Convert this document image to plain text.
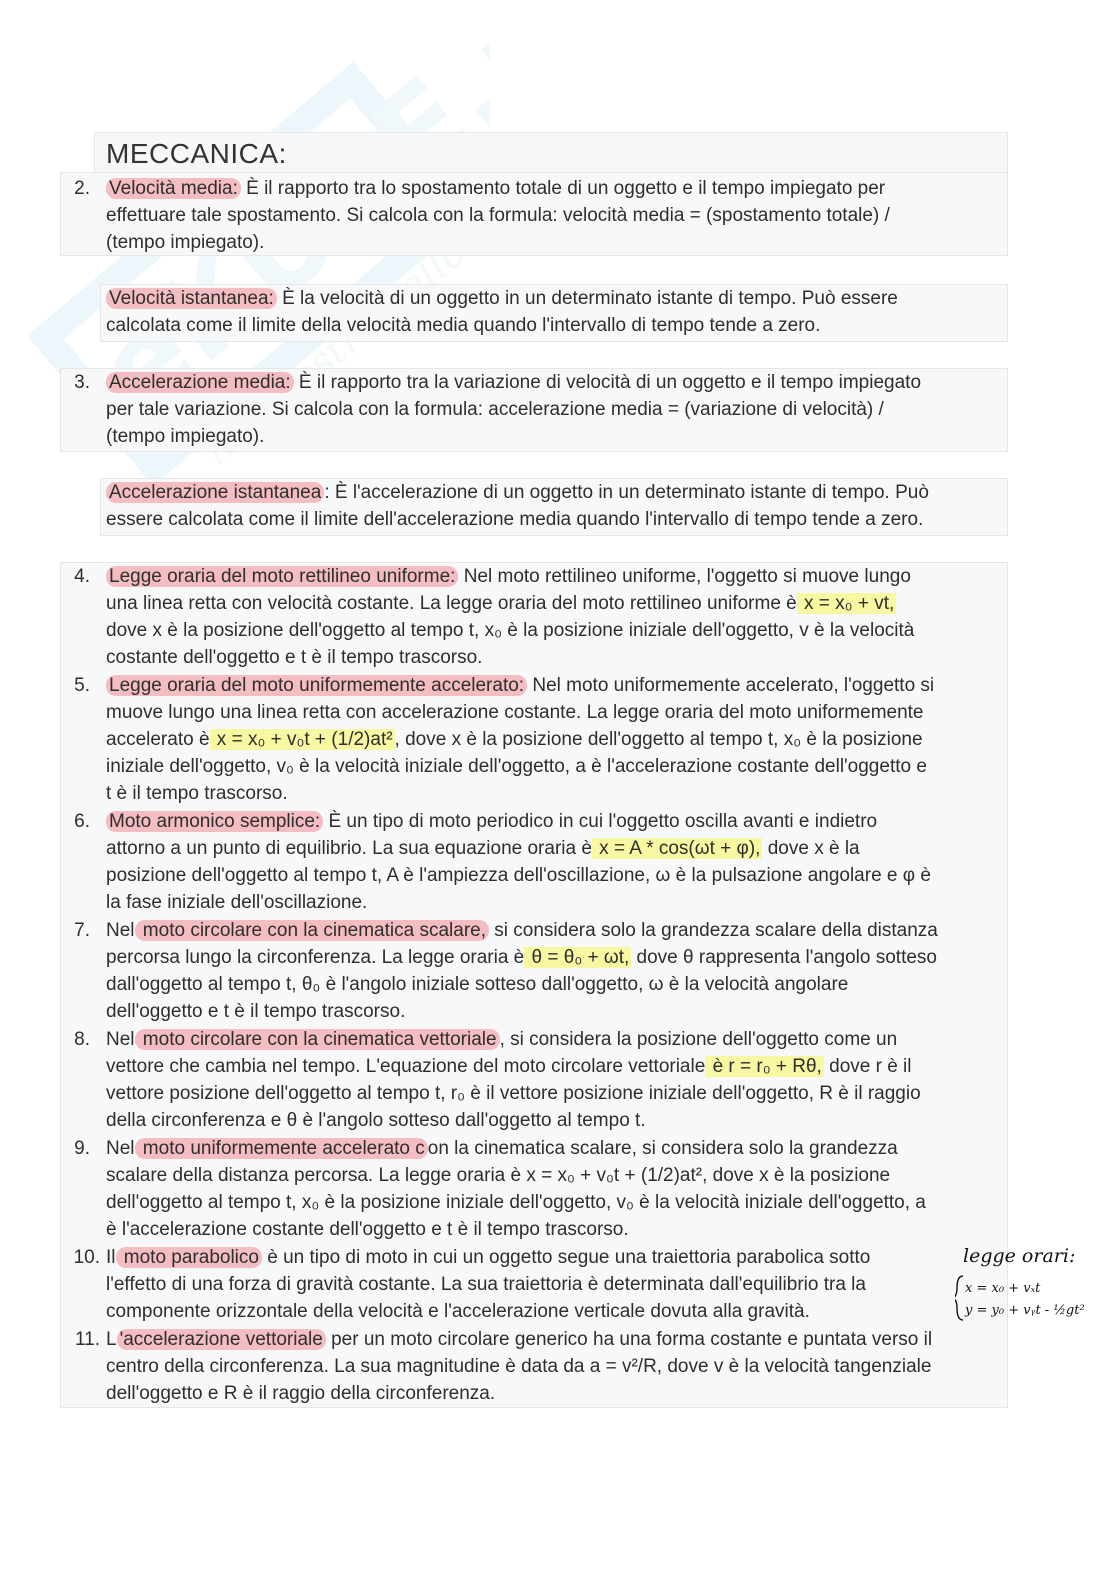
MECCANICA:
2. Velocità media: È il rapporto tra lo spostamento totale di un oggetto e il tempo impiegato per
effettuare tale spostamento. Si calcola con la formula: velocità media = (spostamento totale) /
(tempo impiegato).
Velocità istantanea: È la velocità di un oggetto in un determinato istante di tempo. Può essere
calcolata come il limite della velocità media quando l'intervallo di tempo tende a zero.
3. Accelerazione media: È il rapporto tra la variazione di velocità di un oggetto e il tempo impiegato
per tale variazione. Si calcola con la formula: accelerazione media = (variazione di velocità) /
(tempo impiegato).
Accelerazione istantanea : È l'accelerazione di un oggetto in un determinato istante di tempo. Può
essere calcolata come il limite dell'accelerazione media quando l'intervallo di tempo tende a zero.
4. Legge oraria del moto rettilineo uniforme: Nel moto rettilineo uniforme, l'oggetto si muove lungo
una linea retta con velocità costante. La legge oraria del moto rettilineo uniforme è x = x₀ + vt,
dove x è la posizione dell'oggetto al tempo t, x₀ è la posizione iniziale dell'oggetto, v è la velocità
costante dell'oggetto e t è il tempo trascorso.
5. Legge oraria del moto uniformemente accelerato: Nel moto uniformemente accelerato, l'oggetto si
muove lungo una linea retta con accelerazione costante. La legge oraria del moto uniformemente
accelerato è x = x₀ + v₀t + (1/2)at² , dove x è la posizione dell'oggetto al tempo t, x₀ è la posizione
iniziale dell'oggetto, v₀ è la velocità iniziale dell'oggetto, a è l'accelerazione costante dell'oggetto e
t è il tempo trascorso.
6. Moto armonico semplice: È un tipo di moto periodico in cui l'oggetto oscilla avanti e indietro
attorno a un punto di equilibrio. La sua equazione oraria è x = A * cos(ωt + φ), dove x è la
posizione dell'oggetto al tempo t, A è l'ampiezza dell'oscillazione, ω è la pulsazione angolare e φ è
la fase iniziale dell'oscillazione.
7. Nel moto circolare con la cinematica scalare, si considera solo la grandezza scalare della distanza
percorsa lungo la circonferenza. La legge oraria è θ = θ₀ + ωt, dove θ rappresenta l'angolo sotteso
dall'oggetto al tempo t, θ₀ è l'angolo iniziale sotteso dall'oggetto, ω è la velocità angolare
dell'oggetto e t è il tempo trascorso.
8. Nel moto circolare con la cinematica vettoriale , si considera la posizione dell'oggetto come un
vettore che cambia nel tempo. L'equazione del moto circolare vettoriale è r = r₀ + Rθ, dove r è il
vettore posizione dell'oggetto al tempo t, r₀ è il vettore posizione iniziale dell'oggetto, R è il raggio
della circonferenza e θ è l'angolo sotteso dall'oggetto al tempo t.
9. Nel moto uniformemente accelerato c on la cinematica scalare, si considera solo la grandezza
scalare della distanza percorsa. La legge oraria è x = x₀ + v₀t + (1/2)at², dove x è la posizione
dell'oggetto al tempo t, x₀ è la posizione iniziale dell'oggetto, v₀ è la velocità iniziale dell'oggetto, a
è l'accelerazione costante dell'oggetto e t è il tempo trascorso.
10. Il moto parabolico è un tipo di moto in cui un oggetto segue una traiettoria parabolica sotto
l'effetto di una forza di gravità costante. La sua traiettoria è determinata dall'equilibrio tra la
componente orizzontale della velocità e l'accelerazione verticale dovuta alla gravità.
11. L 'accelerazione vettoriale per un moto circolare generico ha una forma costante e puntata verso il
centro della circonferenza. La sua magnitudine è data da a = v²/R, dove v è la velocità tangenziale
dell'oggetto e R è il raggio della circonferenza.
legge orari:
x = x₀ + vₓt
y = y₀ + vᵧt - ½gt²
